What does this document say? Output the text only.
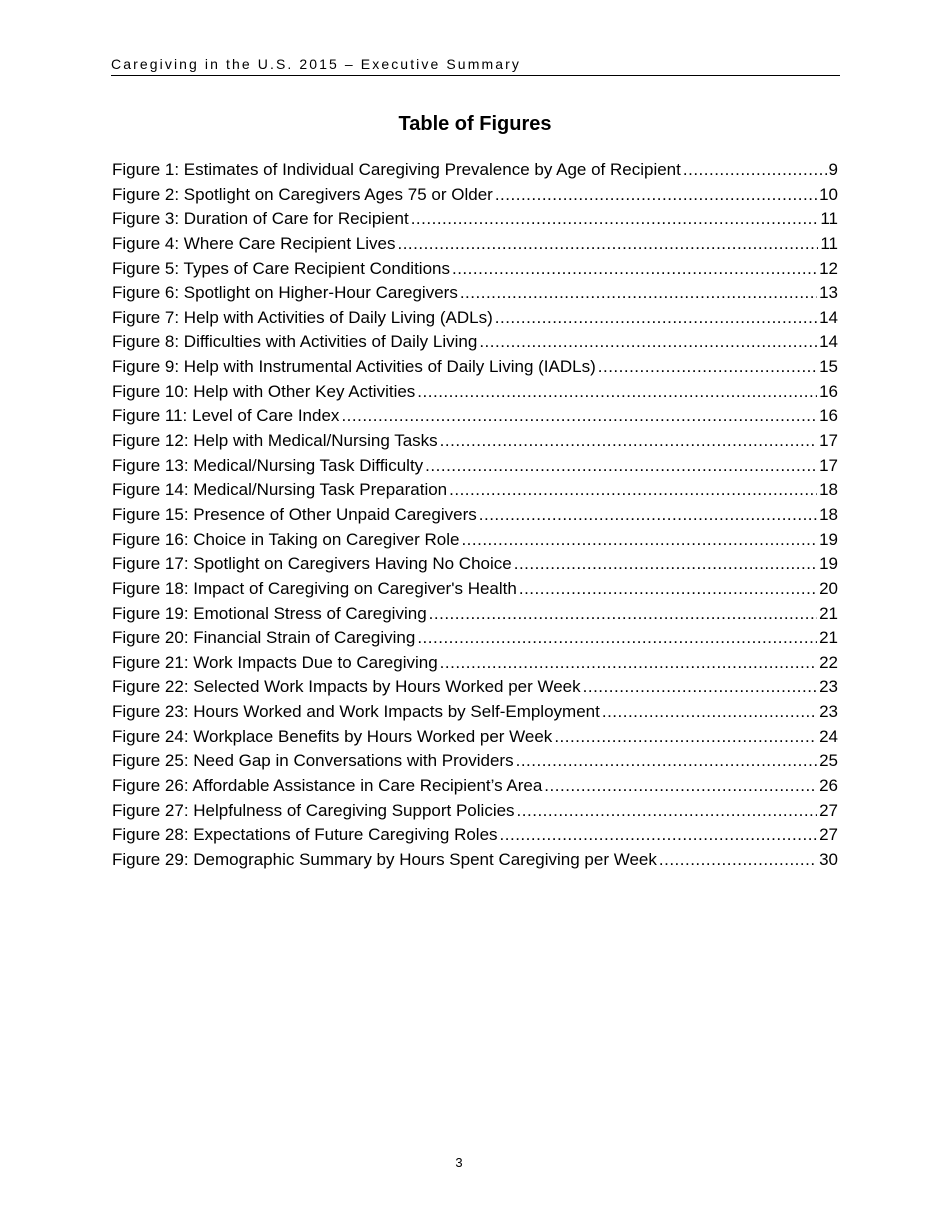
Caregiving in the U.S. 2015 – Executive Summary
Table of Figures
Figure 1: Estimates of Individual Caregiving Prevalence by Age of Recipient .....	9
Figure 2: Spotlight on Caregivers Ages 75 or Older .....	10
Figure 3: Duration of Care for Recipient .....	11
Figure 4: Where Care Recipient Lives .....	11
Figure 5: Types of Care Recipient Conditions .....	12
Figure 6: Spotlight on Higher-Hour Caregivers .....	13
Figure 7: Help with Activities of Daily Living (ADLs) .....	14
Figure 8: Difficulties with Activities of Daily Living .....	14
Figure 9: Help with Instrumental Activities of Daily Living (IADLs) .....	15
Figure 10: Help with Other Key Activities .....	16
Figure 11: Level of Care Index .....	16
Figure 12: Help with Medical/Nursing Tasks .....	17
Figure 13: Medical/Nursing Task Difficulty .....	17
Figure 14: Medical/Nursing Task Preparation .....	18
Figure 15: Presence of Other Unpaid Caregivers .....	18
Figure 16: Choice in Taking on Caregiver Role .....	19
Figure 17: Spotlight on Caregivers Having No Choice .....	19
Figure 18: Impact of Caregiving on Caregiver's Health .....	20
Figure 19: Emotional Stress of Caregiving .....	21
Figure 20: Financial Strain of Caregiving .....	21
Figure 21: Work Impacts Due to Caregiving .....	22
Figure 22: Selected Work Impacts by Hours Worked per Week .....	23
Figure 23: Hours Worked and Work Impacts by Self-Employment .....	23
Figure 24: Workplace Benefits by Hours Worked per Week .....	24
Figure 25: Need Gap in Conversations with Providers .....	25
Figure 26: Affordable Assistance in Care Recipient’s Area .....	26
Figure 27: Helpfulness of Caregiving Support Policies .....	27
Figure 28: Expectations of Future Caregiving Roles .....	27
Figure 29: Demographic Summary by Hours Spent Caregiving per Week .....	30
3
